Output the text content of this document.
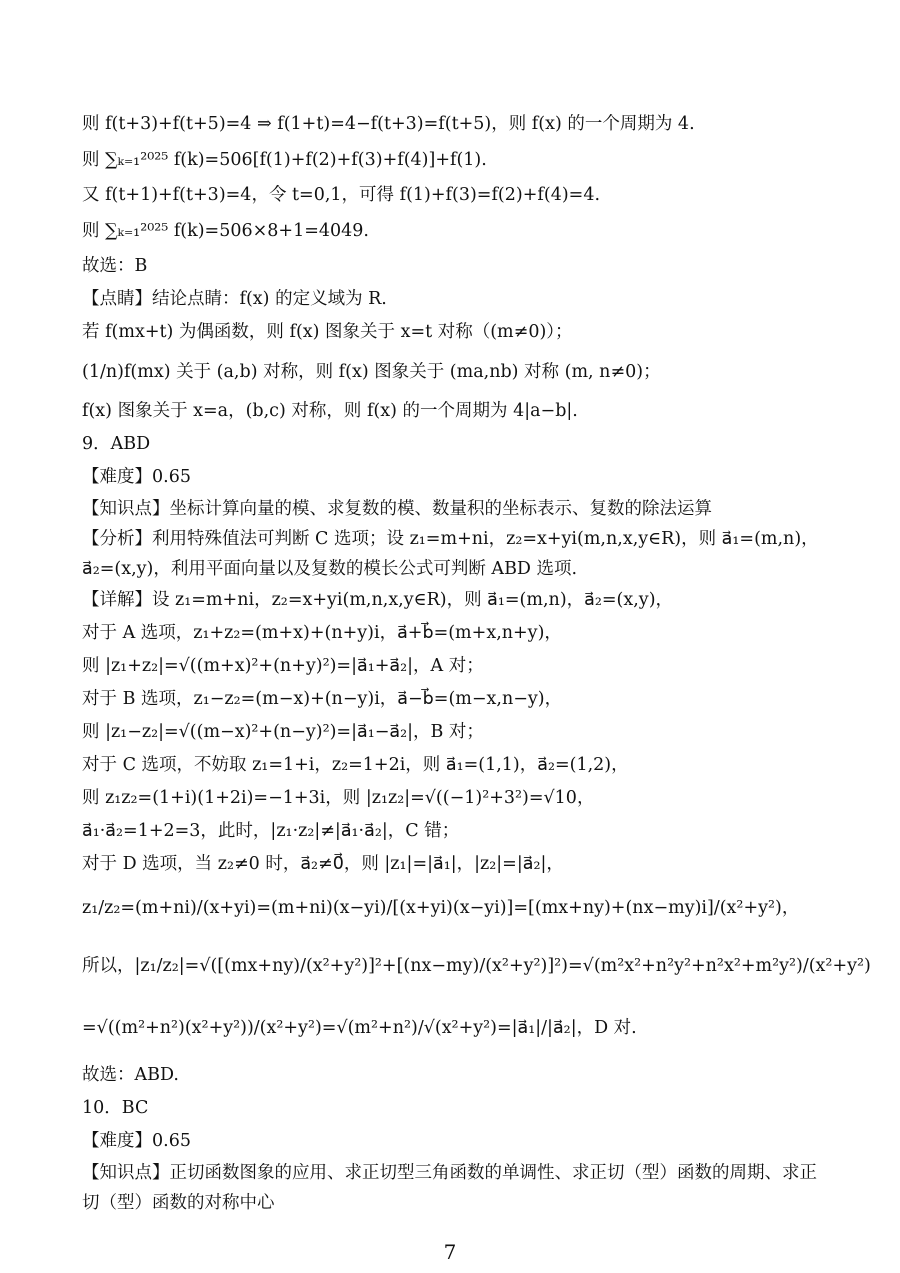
则 f(t+3)+f(t+5)=4 ⇒ f(1+t)=4−f(t+3)=f(t+5)，则 f(x) 的一个周期为 4.
则 ∑ₖ₌₁²⁰²⁵ f(k)=506[f(1)+f(2)+f(3)+f(4)]+f(1).
又 f(t+1)+f(t+3)=4，令 t=0,1，可得 f(1)+f(3)=f(2)+f(4)=4.
则 ∑ₖ₌₁²⁰²⁵ f(k)=506×8+1=4049.
故选：B
【点睛】结论点睛：f(x) 的定义域为 R.
若 f(mx+t) 为偶函数，则 f(x) 图象关于 x=t 对称（(m≠0)）；
(1/n)f(mx) 关于 (a,b) 对称，则 f(x) 图象关于 (ma,nb) 对称 (m, n≠0)；
f(x) 图象关于 x=a，(b,c) 对称，则 f(x) 的一个周期为 4|a−b|.
9．ABD
【难度】0.65
【知识点】坐标计算向量的模、求复数的模、数量积的坐标表示、复数的除法运算
【分析】利用特殊值法可判断 C 选项；设 z₁=m+ni，z₂=x+yi(m,n,x,y∈R)，则 a⃗₁=(m,n)，a⃗₂=(x,y)，利用平面向量以及复数的模长公式可判断 ABD 选项.
【详解】设 z₁=m+ni，z₂=x+yi(m,n,x,y∈R)，则 a⃗₁=(m,n)，a⃗₂=(x,y)，
对于 A 选项，z₁+z₂=(m+x)+(n+y)i，a⃗+b⃗=(m+x,n+y)，
则 |z₁+z₂|=√((m+x)²+(n+y)²)=|a⃗₁+a⃗₂|，A 对；
对于 B 选项，z₁−z₂=(m−x)+(n−y)i，a⃗−b⃗=(m−x,n−y)，
则 |z₁−z₂|=√((m−x)²+(n−y)²)=|a⃗₁−a⃗₂|，B 对；
对于 C 选项，不妨取 z₁=1+i，z₂=1+2i，则 a⃗₁=(1,1)，a⃗₂=(1,2)，
则 z₁z₂=(1+i)(1+2i)=−1+3i，则 |z₁z₂|=√((−1)²+3²)=√10，
a⃗₁·a⃗₂=1+2=3，此时，|z₁·z₂|≠|a⃗₁·a⃗₂|，C 错；
对于 D 选项，当 z₂≠0 时，a⃗₂≠0⃗，则 |z₁|=|a⃗₁|，|z₂|=|a⃗₂|，
z₁/z₂=(m+ni)/(x+yi)=(m+ni)(x−yi)/[(x+yi)(x−yi)]=[(mx+ny)+(nx−my)i]/(x²+y²)，
所以，|z₁/z₂|=√([(mx+ny)/(x²+y²)]²+[(nx−my)/(x²+y²)]²)=√(m²x²+n²y²+n²x²+m²y²)/(x²+y²)
=√((m²+n²)(x²+y²))/(x²+y²)=√(m²+n²)/√(x²+y²)=|a⃗₁|/|a⃗₂|，D 对.
故选：ABD.
10．BC
【难度】0.65
【知识点】正切函数图象的应用、求正切型三角函数的单调性、求正切（型）函数的周期、求正切（型）函数的对称中心
7
